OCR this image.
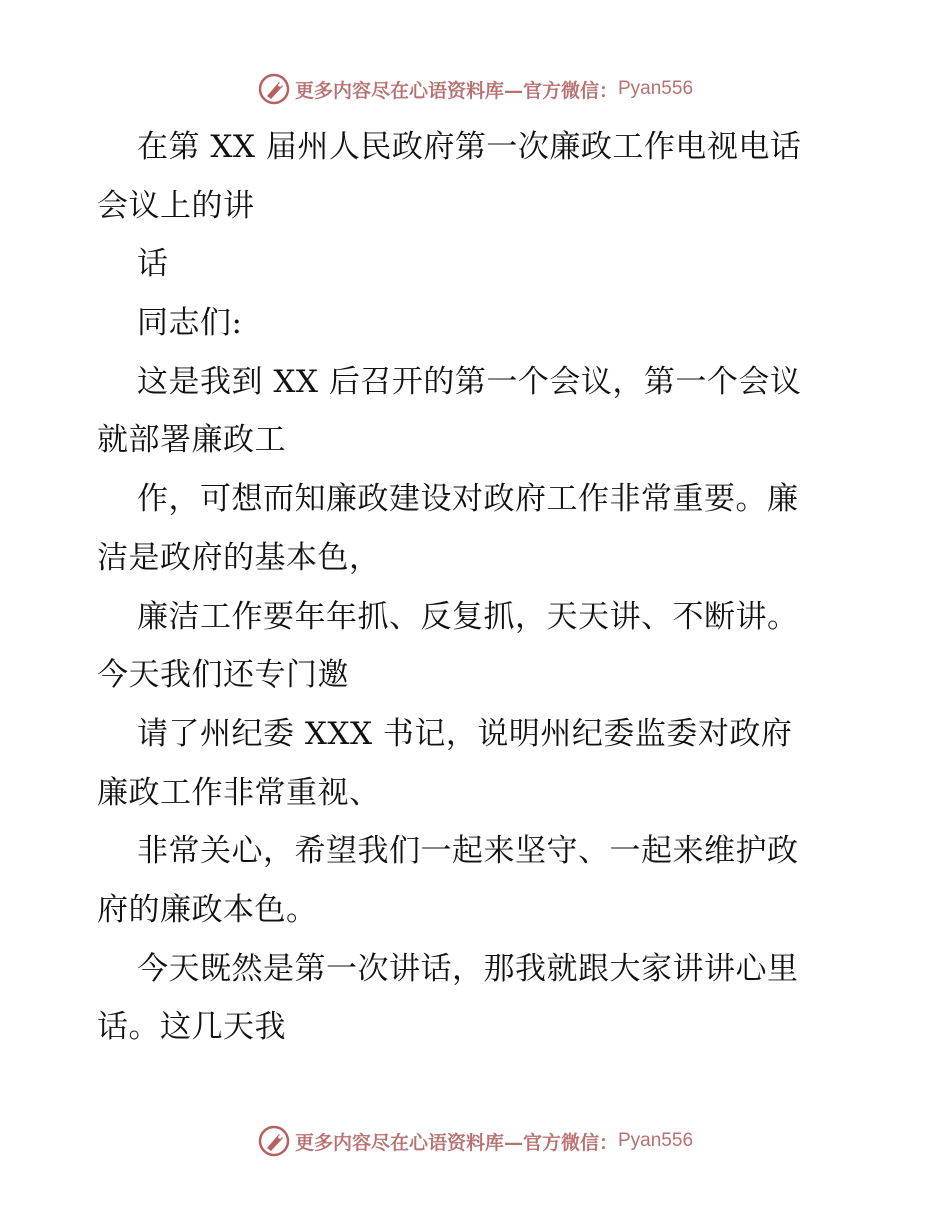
更多内容尽在心语资料库—官方微信： Pyan556
在第 XX 届州人民政府第一次廉政工作电视电话
会议上的讲
话
同志们:
这是我到 XX 后召开的第一个会议，第一个会议
就部署廉政工
作，可想而知廉政建设对政府工作非常重要。廉
洁是政府的基本色，
廉洁工作要年年抓、反复抓，天天讲、不断讲。
今天我们还专门邀
请了州纪委 XXX 书记，说明州纪委监委对政府
廉政工作非常重视、
非常关心，希望我们一起来坚守、一起来维护政
府的廉政本色。
今天既然是第一次讲话，那我就跟大家讲讲心里
话。这几天我
更多内容尽在心语资料库—官方微信： Pyan556
